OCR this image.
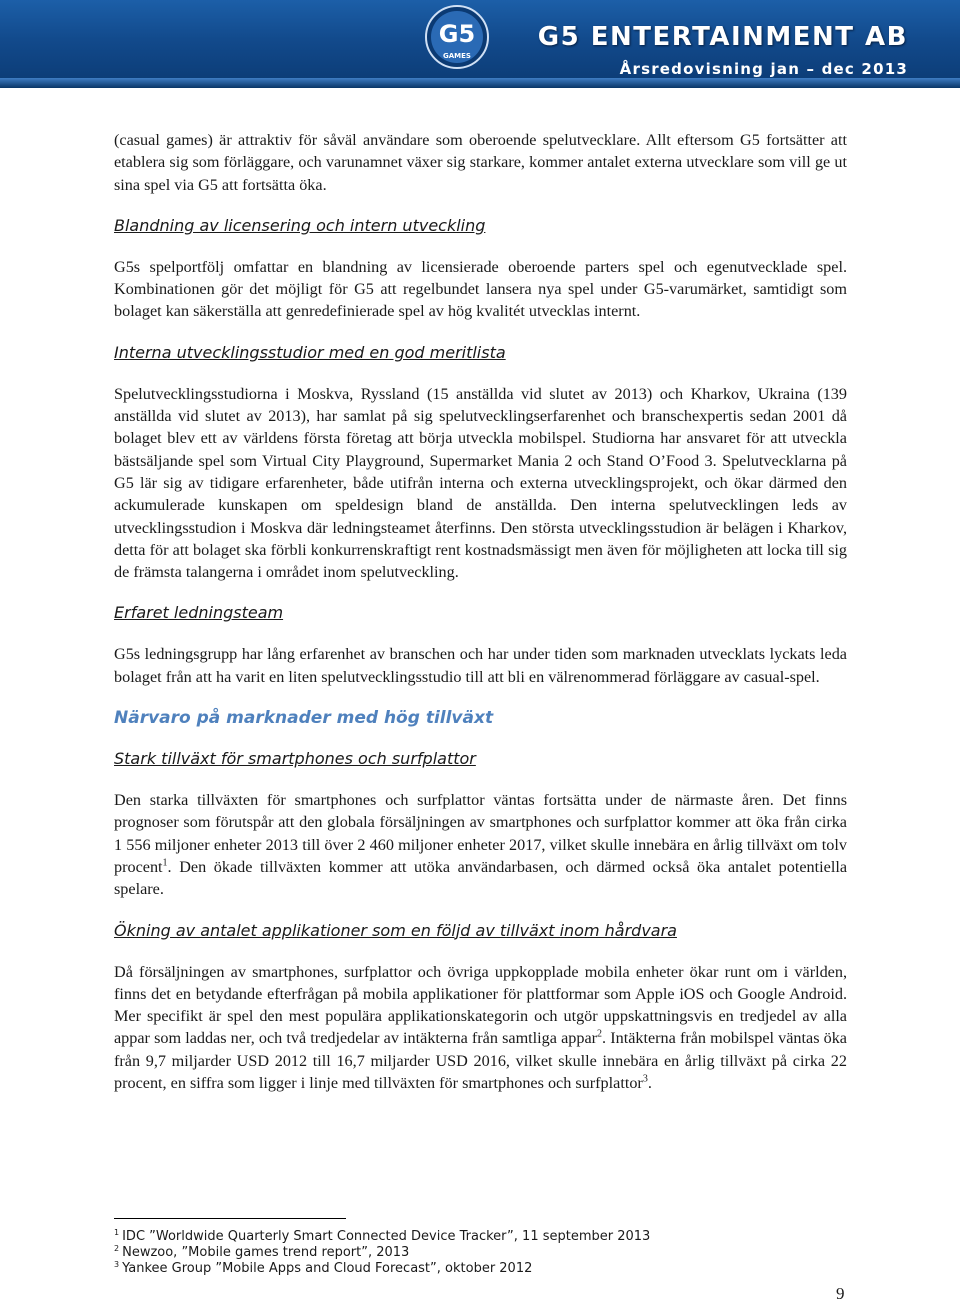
G5
GAMES
G5 ENTERTAINMENT AB
Årsredovisning jan – dec 2013

(casual games) är attraktiv för såväl användare som oberoende spelutvecklare. Allt eftersom G5 fortsätter att etablera sig som förläggare, och varunamnet växer sig starkare, kommer antalet externa utvecklare som vill ge ut sina spel via G5 att fortsätta öka.

Blandning av licensering och intern utveckling

G5s spelportfölj omfattar en blandning av licensierade oberoende parters spel och egenutvecklade spel. Kombinationen gör det möjligt för G5 att regelbundet lansera nya spel under G5-varumärket, samtidigt som bolaget kan säkerställa att genredefinierade spel av hög kvalitét utvecklas internt.

Interna utvecklingsstudior med en god meritlista

Spelutvecklingsstudiorna i Moskva, Ryssland (15 anställda vid slutet av 2013) och Kharkov, Ukraina (139 anställda vid slutet av 2013), har samlat på sig spelutvecklingserfarenhet och branschexpertis sedan 2001 då bolaget blev ett av världens första företag att börja utveckla mobilspel. Studiorna har ansvaret för att utveckla bästsäljande spel som Virtual City Playground, Supermarket Mania 2 och Stand O’Food 3. Spelutvecklarna på G5 lär sig av tidigare erfarenheter, både utifrån interna och externa utvecklingsprojekt, och ökar därmed den ackumulerade kunskapen om speldesign bland de anställda. Den interna spelutvecklingen leds av utvecklingsstudion i Moskva där ledningsteamet återfinns. Den största utvecklingsstudion är belägen i Kharkov, detta för att bolaget ska förbli konkurrenskraftigt rent kostnadsmässigt men även för möjligheten att locka till sig de främsta talangerna i området inom spelutveckling.

Erfaret ledningsteam

G5s ledningsgrupp har lång erfarenhet av branschen och har under tiden som marknaden utvecklats lyckats leda bolaget från att ha varit en liten spelutvecklingsstudio till att bli en välrenommerad förläggare av casual-spel.

Närvaro på marknader med hög tillväxt
Stark tillväxt för smartphones och surfplattor

Den starka tillväxten för smartphones och surfplattor väntas fortsätta under de närmaste åren. Det finns prognoser som förutspår att den globala försäljningen av smartphones och surfplattor kommer att öka från cirka 1 556 miljoner enheter 2013 till över 2 460 miljoner enheter 2017, vilket skulle innebära en årlig tillväxt om tolv procent$^1$. Den ökade tillväxten kommer att utöka användarbasen, och därmed också öka antalet potentiella spelare.

Ökning av antalet applikationer som en följd av tillväxt inom hårdvara

Då försäljningen av smartphones, surfplattor och övriga uppkopplade mobila enheter ökar runt om i världen, finns det en betydande efterfrågan på mobila applikationer för plattformar som Apple iOS och Google Android. Mer specifikt är spel den mest populära applikationskategorin och utgör uppskattningsvis en tredjedel av alla appar som laddas ner, och två tredjedelar av intäkterna från samtliga appar$^2$. Intäkterna från mobilspel väntas öka från 9,7 miljarder USD 2012 till 16,7 miljarder USD 2016, vilket skulle innebära en årlig tillväxt på cirka 22 procent, en siffra som ligger i linje med tillväxten för smartphones och surfplattor$^3$.

$^1$ IDC ”Worldwide Quarterly Smart Connected Device Tracker”, 11 september 2013
$^2$ Newzoo, ”Mobile games trend report”, 2013
$^3$ Yankee Group ”Mobile Apps and Cloud Forecast”, oktober 2012
9
